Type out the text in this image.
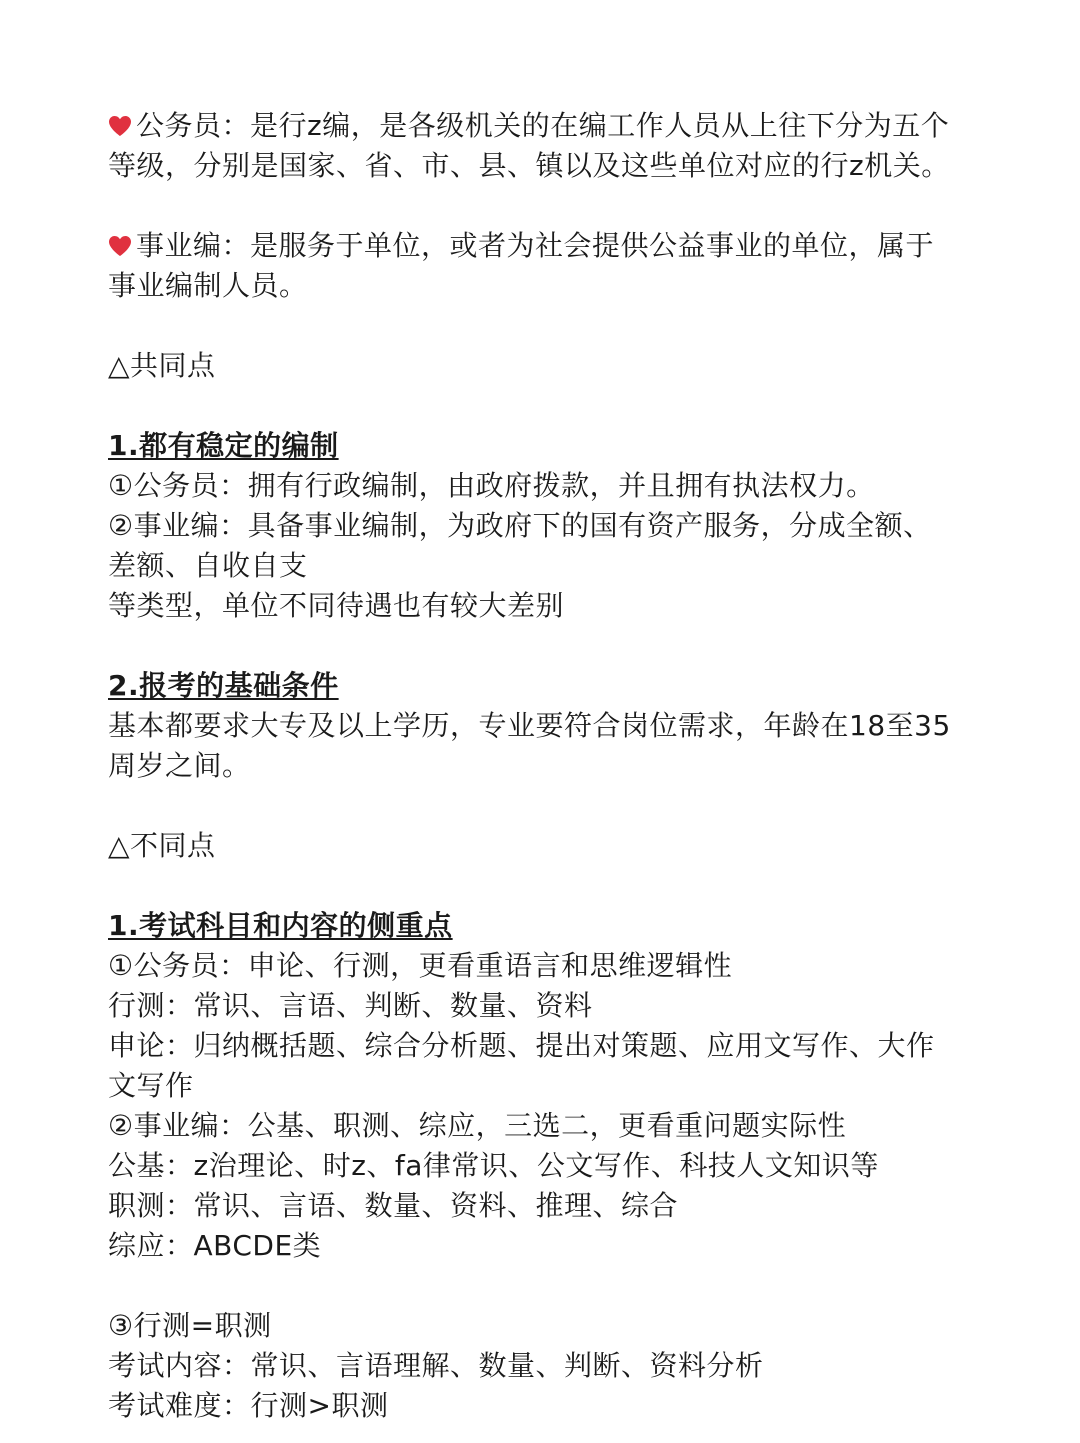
公务员：是行z编，是各级机关的在编工作人员从上往下分为五个
等级，分别是国家、省、市、县、镇以及这些单位对应的行z机关。
事业编：是服务于单位，或者为社会提供公益事业的单位，属于
事业编制人员。
△共同点
1.都有稳定的编制
①公务员：拥有行政编制，由政府拨款，并且拥有执法权力。
②事业编：具备事业编制，为政府下的国有资产服务，分成全额、
差额、自收自支
等类型，单位不同待遇也有较大差别
2.报考的基础条件
基本都要求大专及以上学历，专业要符合岗位需求，年龄在18至35
周岁之间。
△不同点
1.考试科目和内容的侧重点
①公务员：申论、行测，更看重语言和思维逻辑性
行测：常识、言语、判断、数量、资料
申论：归纳概括题、综合分析题、提出对策题、应用文写作、大作
文写作
②事业编：公基、职测、综应，三选二，更看重问题实际性
公基：z治理论、时z、fa律常识、公文写作、科技人文知识等
职测：常识、言语、数量、资料、推理、综合
综应：ABCDE类
③行测=职测
考试内容：常识、言语理解、数量、判断、资料分析
考试难度：行测>职测
